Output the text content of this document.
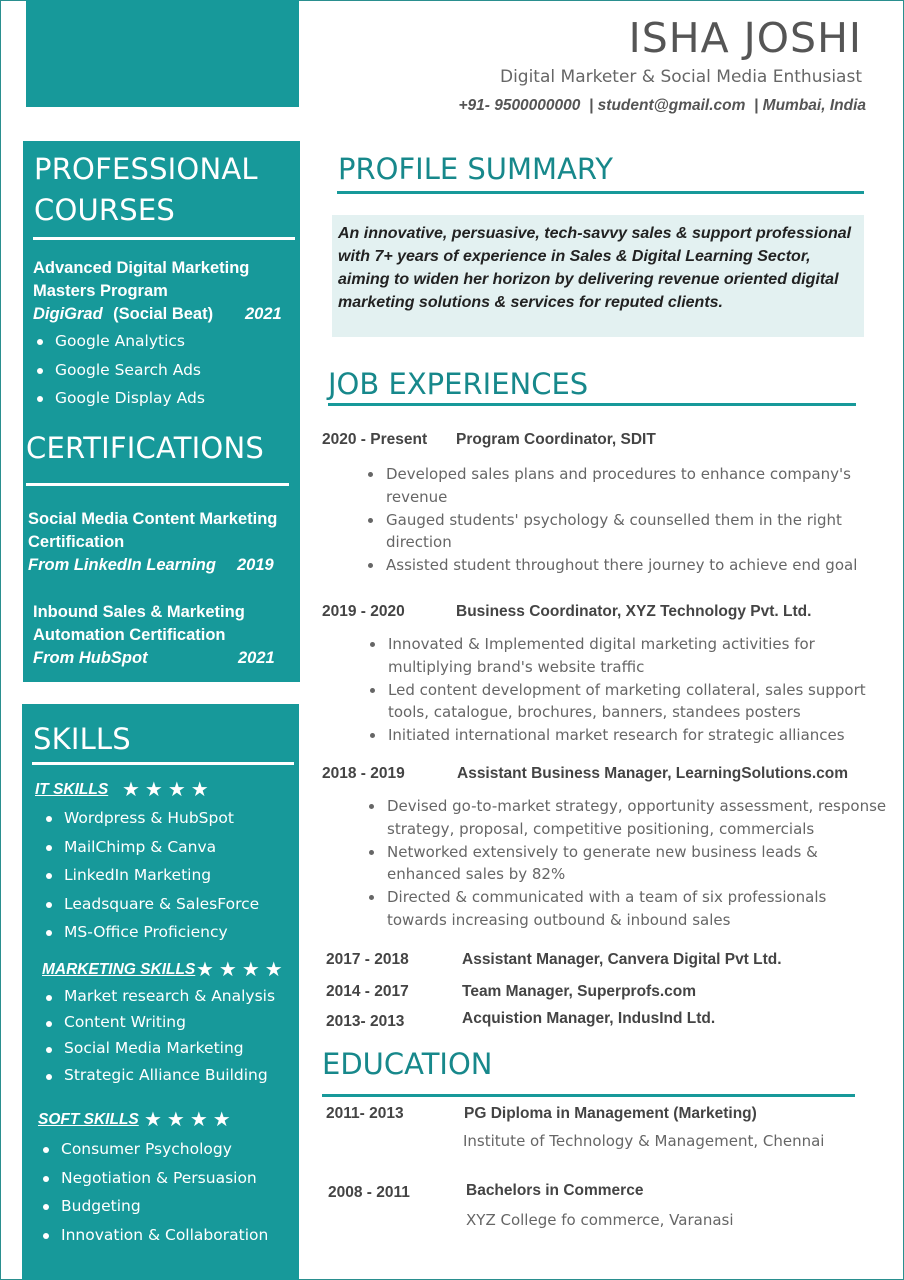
PROFESSIONAL
COURSES
Advanced Digital Marketing
Masters Program
DigiGrad (Social Beat) 2021
Google Analytics
Google Search Ads
Google Display Ads
CERTIFICATIONS
Social Media Content Marketing
Certification
From LinkedIn Learning 2019
Inbound Sales & Marketing
Automation Certification
From HubSpot	2021
SKILLS
IT SKILLS ★★★★
Wordpress & HubSpot
MailChimp & Canva
LinkedIn Marketing
Leadsquare & SalesForce
MS-Office Proficiency
MARKETING SKILLS ★★★★
Market research & Analysis
Content Writing
Social Media Marketing
Strategic Alliance Building
SOFT SKILLS ★★★★
Consumer Psychology
Negotiation & Persuasion
Budgeting
Innovation & Collaboration
ISHA JOSHI
Digital Marketer & Social Media Enthusiast
+91- 9500000000  | student@gmail.com  | Mumbai, India
PROFILE SUMMARY
An innovative, persuasive, tech-savvy sales & support professional with 7+ years of experience in Sales & Digital Learning Sector, aiming to widen her horizon by delivering revenue oriented digital marketing solutions & services for reputed clients.
JOB EXPERIENCES
2020 - Present Program Coordinator, SDIT
Developed sales plans and procedures to enhance company's revenue
Gauged students' psychology & counselled them in the right direction
Assisted student throughout there journey to achieve end goal
2019 - 2020	Business Coordinator, XYZ Technology Pvt. Ltd.
Innovated & Implemented digital marketing activities for multiplying brand's website traffic
Led content development of marketing collateral, sales support tools, catalogue, brochures, banners, standees posters
Initiated international market research for strategic alliances
2018 - 2019	Assistant Business Manager, LearningSolutions.com
Devised go-to-market strategy, opportunity assessment, response strategy, proposal, competitive positioning, commercials
Networked extensively to generate new business leads & enhanced sales by 82%
Directed & communicated with a team of six professionals towards increasing outbound & inbound sales
2017 - 2018	Assistant Manager, Canvera Digital Pvt Ltd.
2014 - 2017	Team Manager, Superprofs.com
2013- 2013	Acquistion Manager, IndusInd Ltd.
EDUCATION
2011- 2013	PG Diploma in Management (Marketing)
Institute of Technology & Management, Chennai
2008 - 2011	Bachelors in Commerce
XYZ College fo commerce, Varanasi
